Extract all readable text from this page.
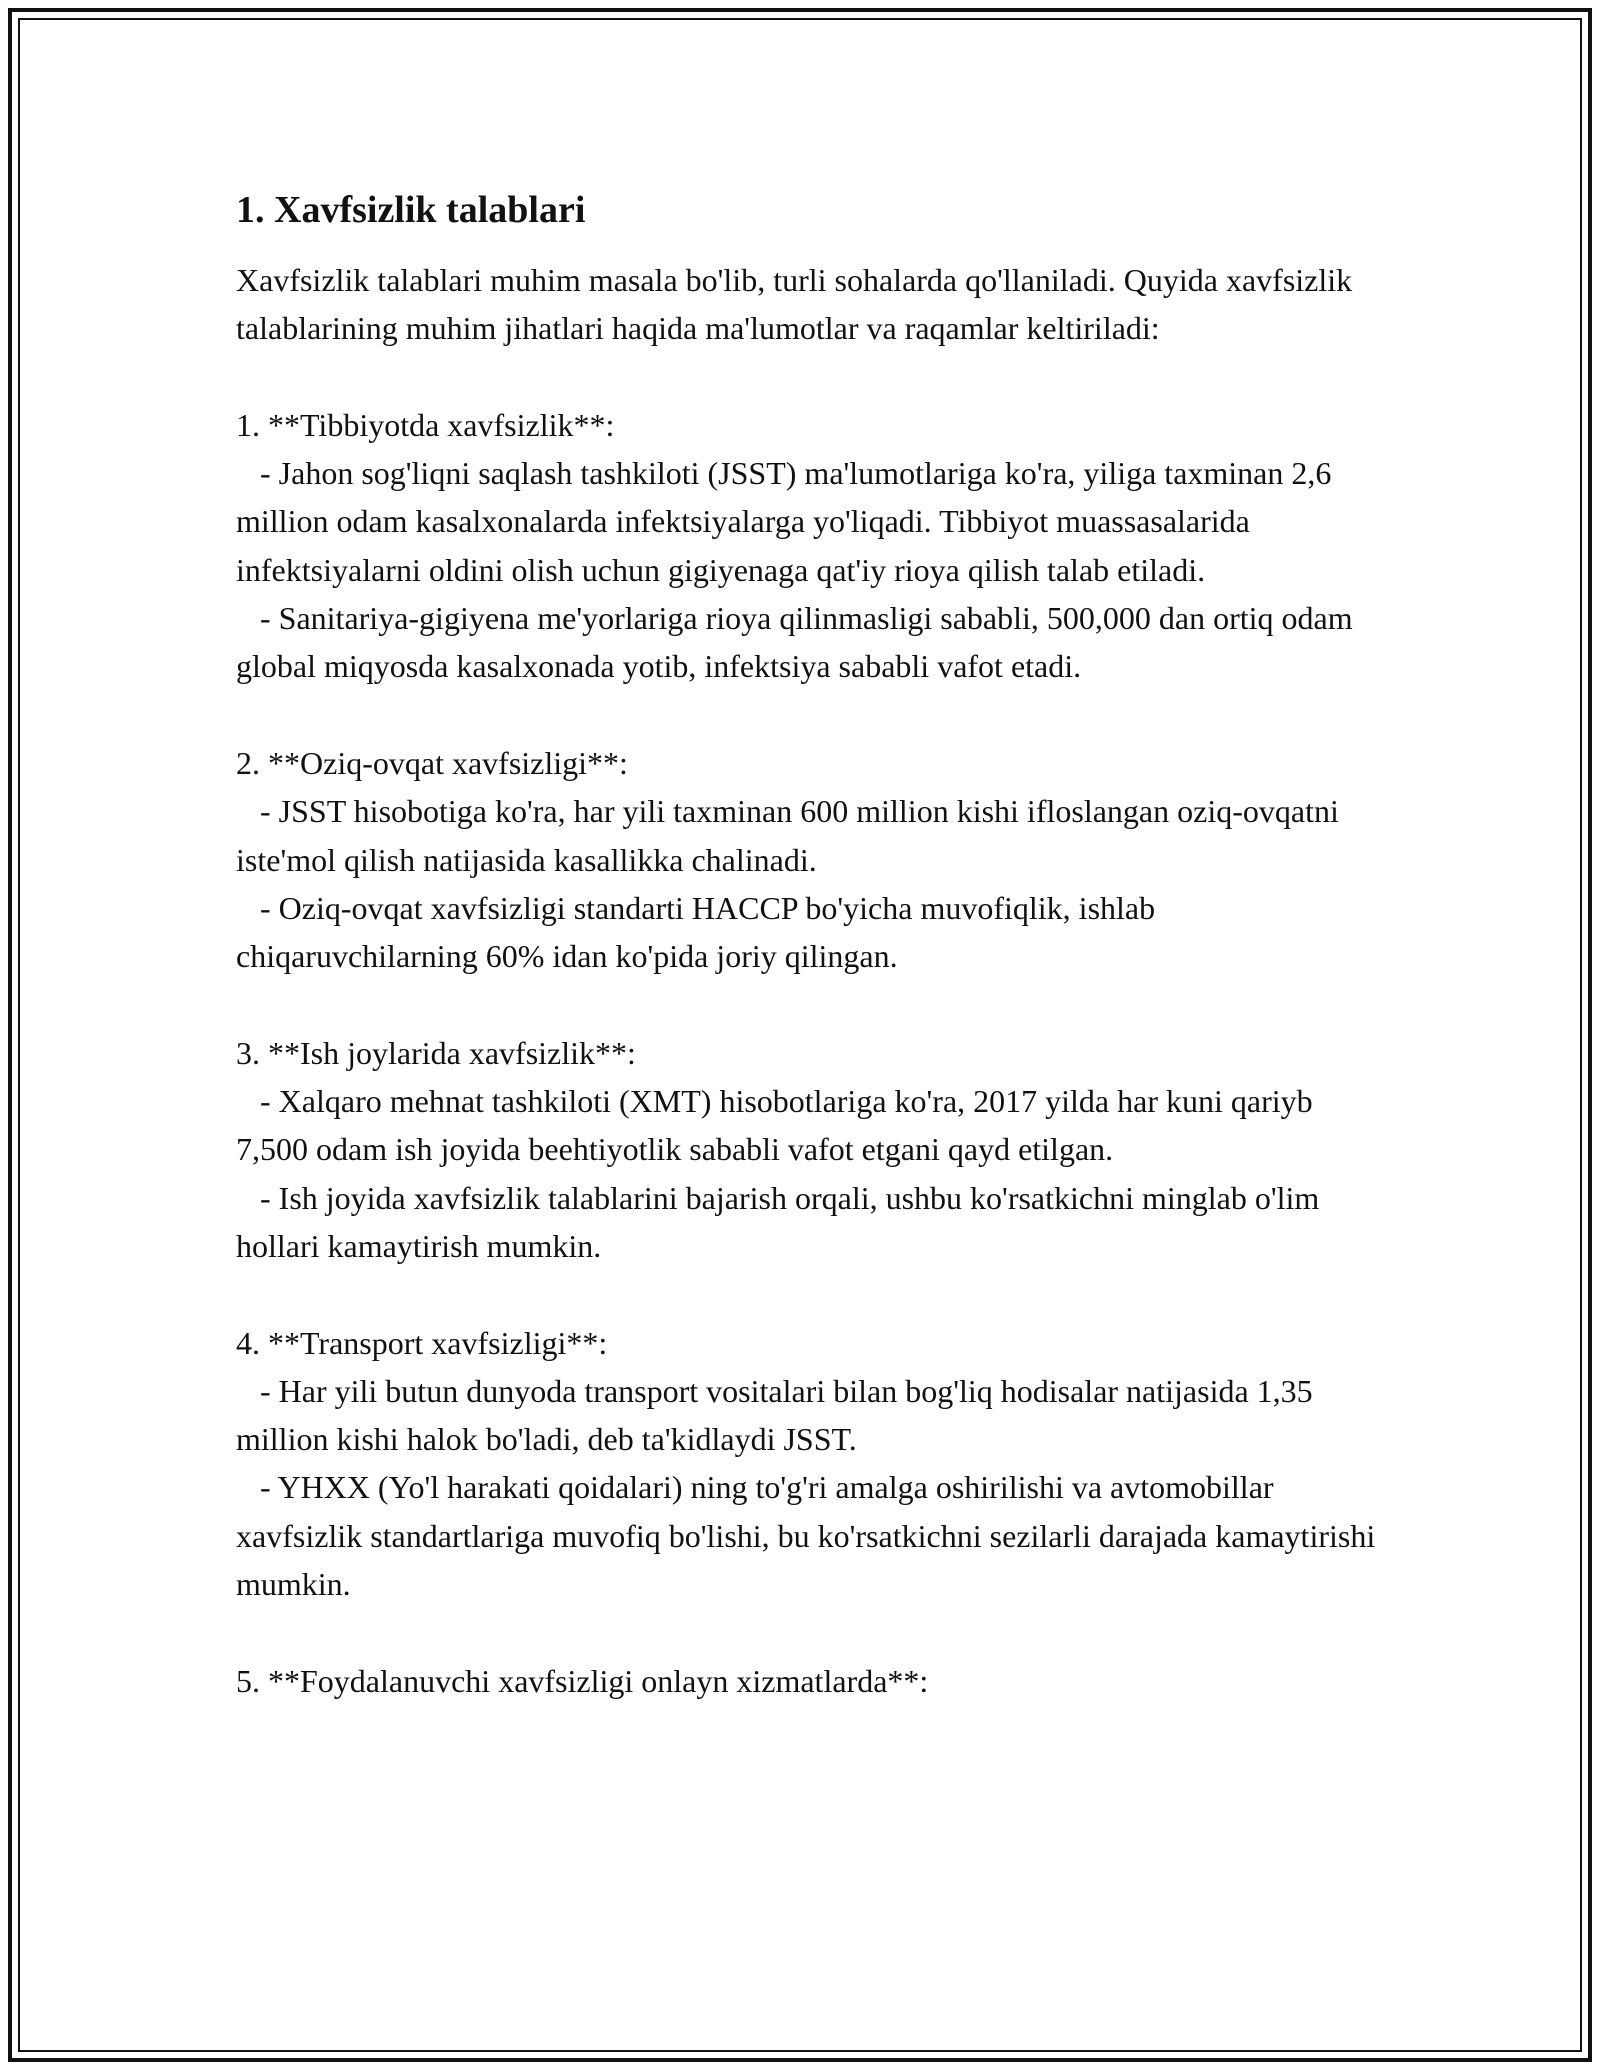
1. Xavfsizlik talablari

Xavfsizlik talablari muhim masala bo'lib, turli sohalarda qo'llaniladi. Quyida xavfsizlik talablarining muhim jihatlari haqida ma'lumotlar va raqamlar keltiriladi:

1. **Tibbiyotda xavfsizlik**:
- Jahon sog'liqni saqlash tashkiloti (JSST) ma'lumotlariga ko'ra, yiliga taxminan 2,6 million odam kasalxonalarda infektsiyalarga yo'liqadi. Tibbiyot muassasalarida infektsiyalarni oldini olish uchun gigiyenaga qat'iy rioya qilish talab etiladi.
- Sanitariya-gigiyena me'yorlariga rioya qilinmasligi sababli, 500,000 dan ortiq odam global miqyosda kasalxonada yotib, infektsiya sababli vafot etadi.

2. **Oziq-ovqat xavfsizligi**:
- JSST hisobotiga ko'ra, har yili taxminan 600 million kishi ifloslangan oziq-ovqatni iste'mol qilish natijasida kasallikka chalinadi.
- Oziq-ovqat xavfsizligi standarti HACCP bo'yicha muvofiqlik, ishlab chiqaruvchilarning 60% idan ko'pida joriy qilingan.

3. **Ish joylarida xavfsizlik**:
- Xalqaro mehnat tashkiloti (XMT) hisobotlariga ko'ra, 2017 yilda har kuni qariyb 7,500 odam ish joyida beehtiyotlik sababli vafot etgani qayd etilgan.
- Ish joyida xavfsizlik talablarini bajarish orqali, ushbu ko'rsatkichni minglab o'lim hollari kamaytirish mumkin.

4. **Transport xavfsizligi**:
- Har yili butun dunyoda transport vositalari bilan bog'liq hodisalar natijasida 1,35 million kishi halok bo'ladi, deb ta'kidlaydi JSST.
- YHXX (Yo'l harakati qoidalari) ning to'g'ri amalga oshirilishi va avtomobillar xavfsizlik standartlariga muvofiq bo'lishi, bu ko'rsatkichni sezilarli darajada kamaytirishi mumkin.

5. **Foydalanuvchi xavfsizligi onlayn xizmatlarda**:
